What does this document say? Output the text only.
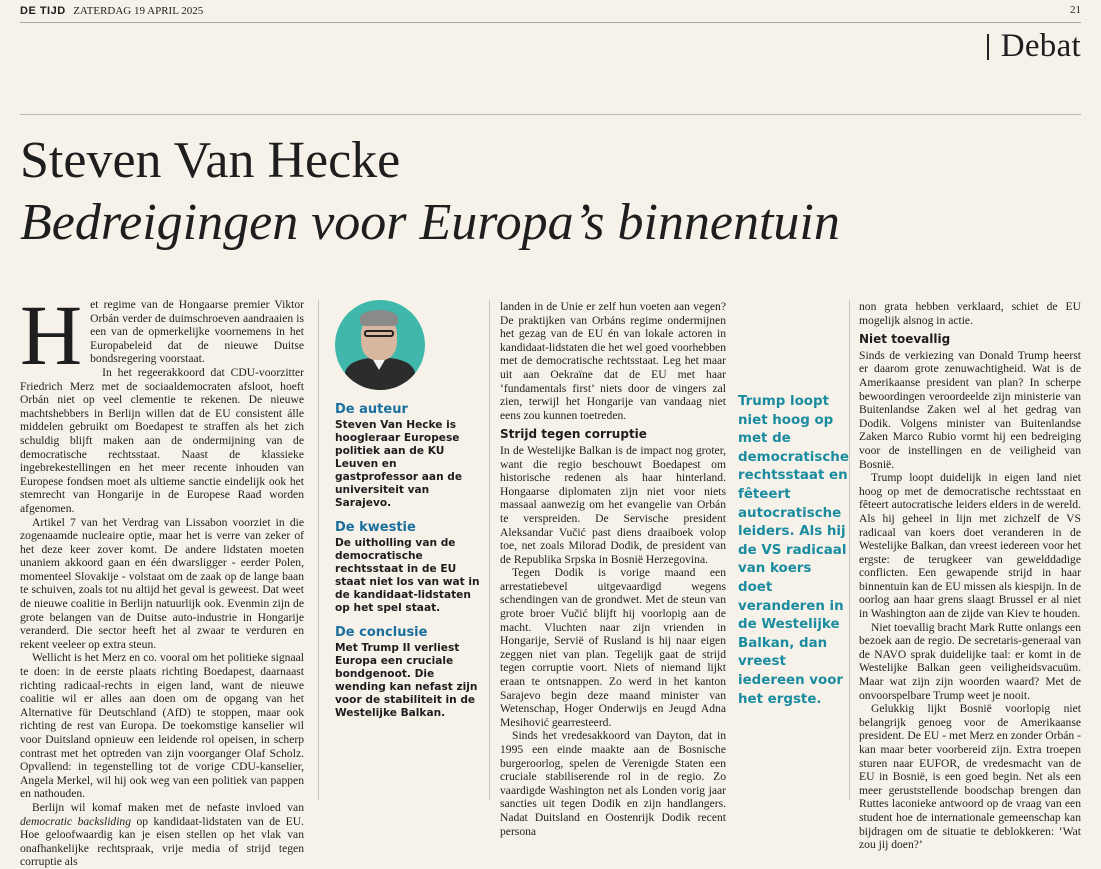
DE TIJD ZATERDAG 19 APRIL 2025	21
Debat
Steven Van Hecke
Bedreigingen voor Europa’s binnentuin

Het regime van de Hongaarse premier Viktor Orbán verder de duimschroeven aandraaien is een van de opmerkelijke voornemens in het Europabeleid dat de nieuwe Duitse bondsregering voorstaat.

In het regeerakkoord dat CDU-voorzitter Friedrich Merz met de sociaaldemocraten afsloot, hoeft Orbán niet op veel clementie te rekenen. De nieuwe machtshebbers in Berlijn willen dat de EU consistent álle middelen gebruikt om Boedapest te straffen als het zich schuldig blijft maken aan de ondermijning van de democratische rechtsstaat. Naast de klassieke ingebrekestellingen en het meer recente inhouden van Europese fondsen moet als ultieme sanctie eindelijk ook het stemrecht van Hongarije in de Europese Raad worden afgenomen.

Artikel 7 van het Verdrag van Lissabon voorziet in die zogenaamde nucleaire optie, maar het is verre van zeker of het deze keer zover komt. De andere lidstaten moeten unaniem akkoord gaan en één dwarsligger - eerder Polen, momenteel Slovakije - volstaat om de zaak op de lange baan te schuiven, zoals tot nu altijd het geval is geweest. Dat weet de nieuwe coalitie in Berlijn natuurlijk ook. Evenmin zijn de grote belangen van de Duitse auto-industrie in Hongarije veranderd. Die sector heeft het al zwaar te verduren en rekent veeleer op extra steun.

Wellicht is het Merz en co. vooral om het politieke signaal te doen: in de eerste plaats richting Boedapest, daarnaast richting radicaal-rechts in eigen land, want de nieuwe coalitie wil er alles aan doen om de opgang van het Alternative für Deutschland (AfD) te stoppen, maar ook richting de rest van Europa. De toekomstige kanselier wil voor Duitsland opnieuw een leidende rol opeisen, in scherp contrast met het optreden van zijn voorganger Olaf Scholz. Opvallend: in tegenstelling tot de vorige CDU-kanselier, Angela Merkel, wil hij ook weg van een politiek van pappen en nathouden.

Berlijn wil komaf maken met de nefaste invloed van democratic backsliding op kandidaat-lidstaten van de EU. Hoe geloofwaardig kan je eisen stellen op het vlak van onafhankelijke rechtspraak, vrije media of strijd tegen corruptie als

De auteur

Steven Van Hecke is hoogleraar Europese politiek aan de KU Leuven en gastprofessor aan de universiteit van Sarajevo.

De kwestie

De uitholling van de democratische rechtsstaat in de EU staat niet los van wat in de kandidaat-lidstaten op het spel staat.

De conclusie

Met Trump II verliest Europa een cruciale bondgenoot. Die wending kan nefast zijn voor de stabiliteit in de Westelijke Balkan.

landen in de Unie er zelf hun voeten aan vegen? De praktijken van Orbáns regime ondermijnen het gezag van de EU én van lokale actoren in kandidaat-lidstaten die het wel goed voorhebben met de democratische rechtsstaat. Leg het maar uit aan Oekraïne dat de EU met haar ‘fundamentals first’ niets door de vingers zal zien, terwijl het Hongarije van vandaag niet eens zou kunnen toetreden.

Strijd tegen corruptie

In de Westelijke Balkan is de impact nog groter, want die regio beschouwt Boedapest om historische redenen als haar hinterland. Hongaarse diplomaten zijn niet voor niets massaal aanwezig om het evangelie van Orbán te verspreiden. De Servische president Aleksandar Vučić past diens draaiboek volop toe, net zoals Milorad Dodik, de president van de Republika Srpska in Bosnië Herzegovina.

Tegen Dodik is vorige maand een arrestatiebevel uitgevaardigd wegens schendingen van de grondwet. Met de steun van grote broer Vučić blijft hij voorlopig aan de macht. Vluchten naar zijn vrienden in Hongarije, Servië of Rusland is hij naar eigen zeggen niet van plan. Tegelijk gaat de strijd tegen corruptie voort. Niets of niemand lijkt eraan te ontsnappen. Zo werd in het kanton Sarajevo begin deze maand minister van Wetenschap, Hoger Onderwijs en Jeugd Adna Mesihović gearresteerd.

Sinds het vredesakkoord van Dayton, dat in 1995 een einde maakte aan de Bosnische burgeroorlog, spelen de Verenigde Staten een cruciale stabiliserende rol in de regio. Zo vaardigde Washington net als Londen vorig jaar sancties uit tegen Dodik en zijn handlangers. Nadat Duitsland en Oostenrijk Dodik recent persona

Trump loopt niet hoog op met de democratische rechtsstaat en fêteert autocratische leiders. Als hij de VS radicaal van koers doet veranderen in de Westelijke Balkan, dan vreest iedereen voor het ergste.

non grata hebben verklaard, schiet de EU mogelijk alsnog in actie.

Niet toevallig

Sinds de verkiezing van Donald Trump heerst er daarom grote zenuwachtigheid. Wat is de Amerikaanse president van plan? In scherpe bewoordingen veroordeelde zijn ministerie van Buitenlandse Zaken wel al het gedrag van Dodik. Volgens minister van Buitenlandse Zaken Marco Rubio vormt hij een bedreiging voor de instellingen en de veiligheid van Bosnië.

Trump loopt duidelijk in eigen land niet hoog op met de democratische rechtsstaat en fêteert autocratische leiders elders in de wereld. Als hij geheel in lijn met zichzelf de VS radicaal van koers doet veranderen in de Westelijke Balkan, dan vreest iedereen voor het ergste: de terugkeer van gewelddadige conflicten. Een gewapende strijd in haar binnentuin kan de EU missen als kiespijn. In de oorlog aan haar grens slaagt Brussel er al niet in Washington aan de zijde van Kiev te houden.

Niet toevallig bracht Mark Rutte onlangs een bezoek aan de regio. De secretaris-generaal van de NAVO sprak duidelijke taal: er komt in de Westelijke Balkan geen veiligheidsvacuüm. Maar wat zijn zijn woorden waard? Met de onvoorspelbare Trump weet je nooit.

Gelukkig lijkt Bosnië voorlopig niet belangrijk genoeg voor de Amerikaanse president. De EU - met Merz en zonder Orbán - kan maar beter voorbereid zijn. Extra troepen sturen naar EUFOR, de vredesmacht van de EU in Bosnië, is een goed begin. Net als een meer geruststellende boodschap brengen dan Ruttes laconieke antwoord op de vraag van een student hoe de internationale gemeenschap kan bijdragen om de situatie te deblokkeren: ‘Wat zou jij doen?’
